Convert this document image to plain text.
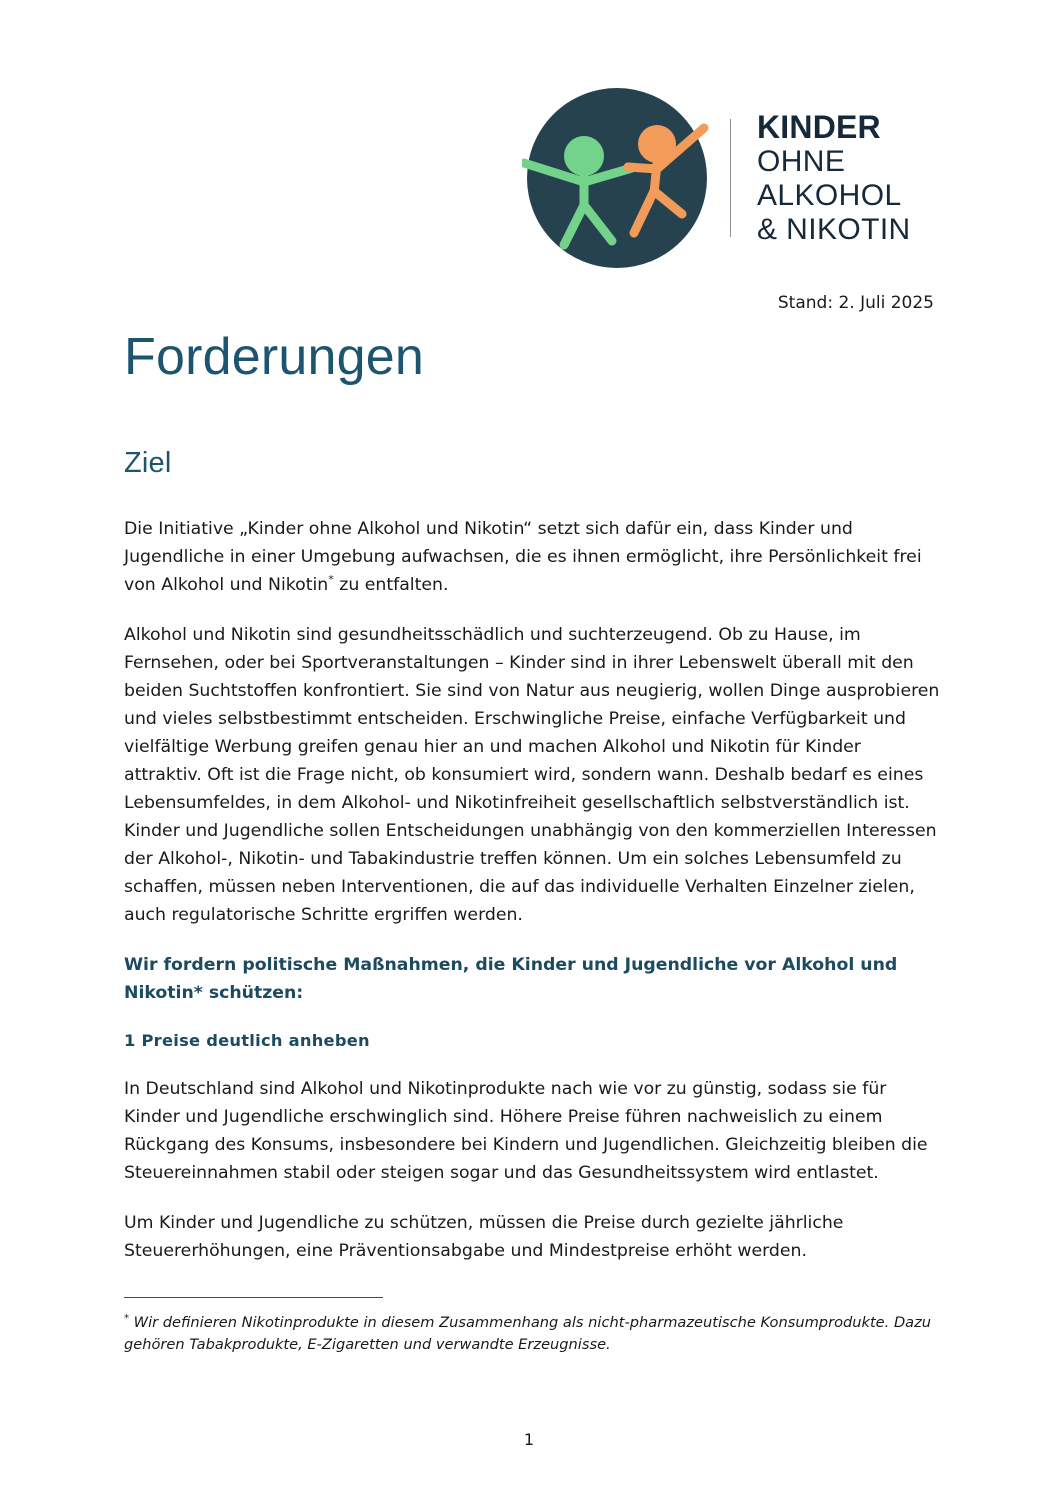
KINDER
OHNE
ALKOHOL
& NIKOTIN
Stand: 2. Juli 2025
Forderungen
Ziel

Die Initiative „Kinder ohne Alkohol und Nikotin“ setzt sich dafür ein, dass Kinder und Jugendliche in einer Umgebung aufwachsen, die es ihnen ermöglicht, ihre Persönlichkeit frei von Alkohol und Nikotin* zu entfalten.

Alkohol und Nikotin sind gesundheitsschädlich und suchterzeugend. Ob zu Hause, im Fernsehen, oder bei Sportveranstaltungen – Kinder sind in ihrer Lebenswelt überall mit den beiden Suchtstoffen konfrontiert. Sie sind von Natur aus neugierig, wollen Dinge ausprobieren und vieles selbstbestimmt entscheiden. Erschwingliche Preise, einfache Verfügbarkeit und vielfältige Werbung greifen genau hier an und machen Alkohol und Nikotin für Kinder attraktiv. Oft ist die Frage nicht, ob konsumiert wird, sondern wann. Deshalb bedarf es eines Lebensumfeldes, in dem Alkohol- und Nikotinfreiheit gesellschaftlich selbstverständlich ist. Kinder und Jugendliche sollen Entscheidungen unabhängig von den kommerziellen Interessen der Alkohol-, Nikotin- und Tabakindustrie treffen können. Um ein solches Lebensumfeld zu schaffen, müssen neben Interventionen, die auf das individuelle Verhalten Einzelner zielen, auch regulatorische Schritte ergriffen werden.

Wir fordern politische Maßnahmen, die Kinder und Jugendliche vor Alkohol und Nikotin* schützen:
1 Preise deutlich anheben

In Deutschland sind Alkohol und Nikotinprodukte nach wie vor zu günstig, sodass sie für Kinder und Jugendliche erschwinglich sind. Höhere Preise führen nachweislich zu einem Rückgang des Konsums, insbesondere bei Kindern und Jugendlichen. Gleichzeitig bleiben die Steuereinnahmen stabil oder steigen sogar und das Gesundheitssystem wird entlastet.

Um Kinder und Jugendliche zu schützen, müssen die Preise durch gezielte jährliche Steuererhöhungen, eine Präventionsabgabe und Mindestpreise erhöht werden.

* Wir definieren Nikotinprodukte in diesem Zusammenhang als nicht-pharmazeutische Konsumprodukte. Dazu gehören Tabakprodukte, E-Zigaretten und verwandte Erzeugnisse.

1
